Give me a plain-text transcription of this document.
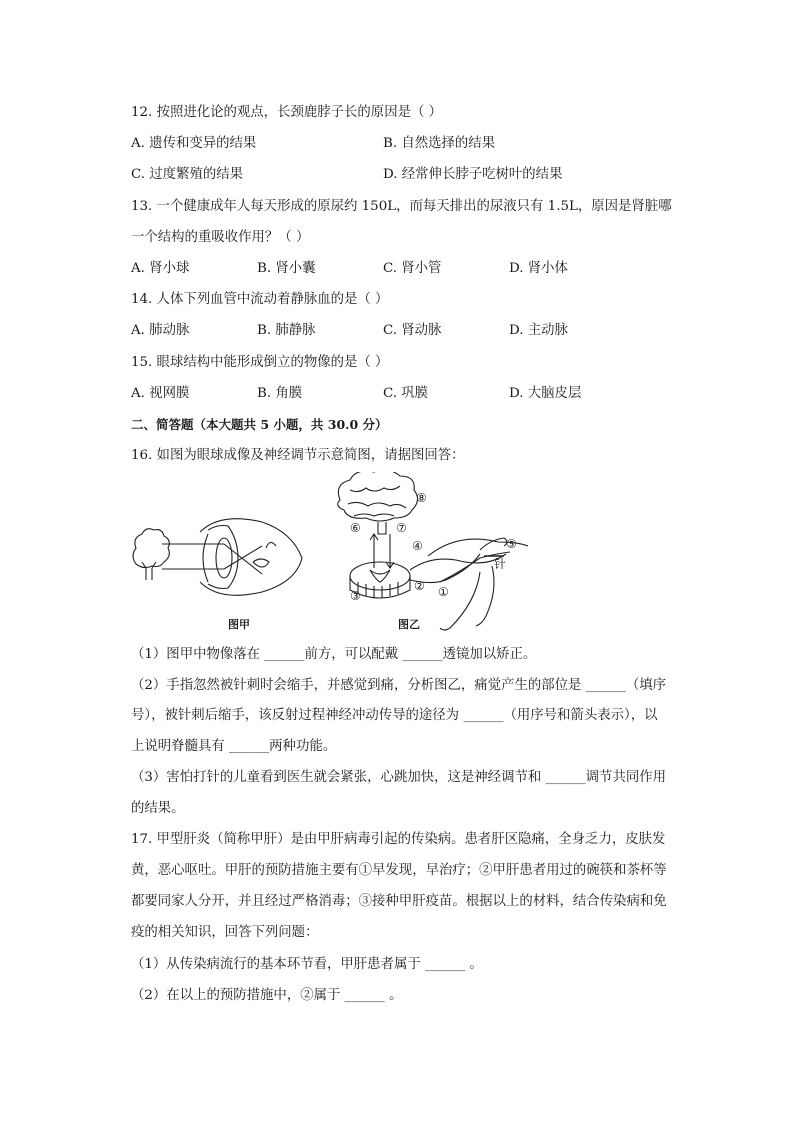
12. 按照进化论的观点，长颈鹿脖子长的原因是（ ）
A. 遗传和变异的结果	B. 自然选择的结果
C. 过度繁殖的结果	D. 经常伸长脖子吃树叶的结果
13. 一个健康成年人每天形成的原尿约 150L，而每天排出的尿液只有 1.5L，原因是肾脏哪
一个结构的重吸收作用？（ ）
A. 肾小球	B. 肾小囊	C. 肾小管	D. 肾小体
14. 人体下列血管中流动着静脉血的是（ ）
A. 肺动脉	B. 肺静脉	C. 肾动脉	D. 主动脉
15. 眼球结构中能形成倒立的物像的是（ ）
A. 视网膜	B. 角膜	C. 巩膜	D. 大脑皮层
二、简答题（本大题共 5 小题，共 30.0 分）
16. 如图为眼球成像及神经调节示意简图，请据图回答：
⑧
⑥	⑦
④	⑤
② ①
③
针
图甲	图乙
（1）图甲中物像落在 ______前方，可以配戴 ______透镜加以矫正。
（2）手指忽然被针刺时会缩手，并感觉到痛，分析图乙，痛觉产生的部位是 ______（填序
号），被针刺后缩手，该反射过程神经冲动传导的途径为 ______（用序号和箭头表示），以
上说明脊髓具有 ______两种功能。
（3）害怕打针的儿童看到医生就会紧张，心跳加快，这是神经调节和 ______调节共同作用
的结果。
17. 甲型肝炎（简称甲肝）是由甲肝病毒引起的传染病。患者肝区隐痛，全身乏力，皮肤发
黄，恶心呕吐。甲肝的预防措施主要有①早发现，早治疗；②甲肝患者用过的碗筷和茶杯等
都要同家人分开，并且经过严格消毒；③接种甲肝疫苗。根据以上的材料，结合传染病和免
疫的相关知识，回答下列问题：
（1）从传染病流行的基本环节看，甲肝患者属于 ______ 。
（2）在以上的预防措施中，②属于 ______ 。
